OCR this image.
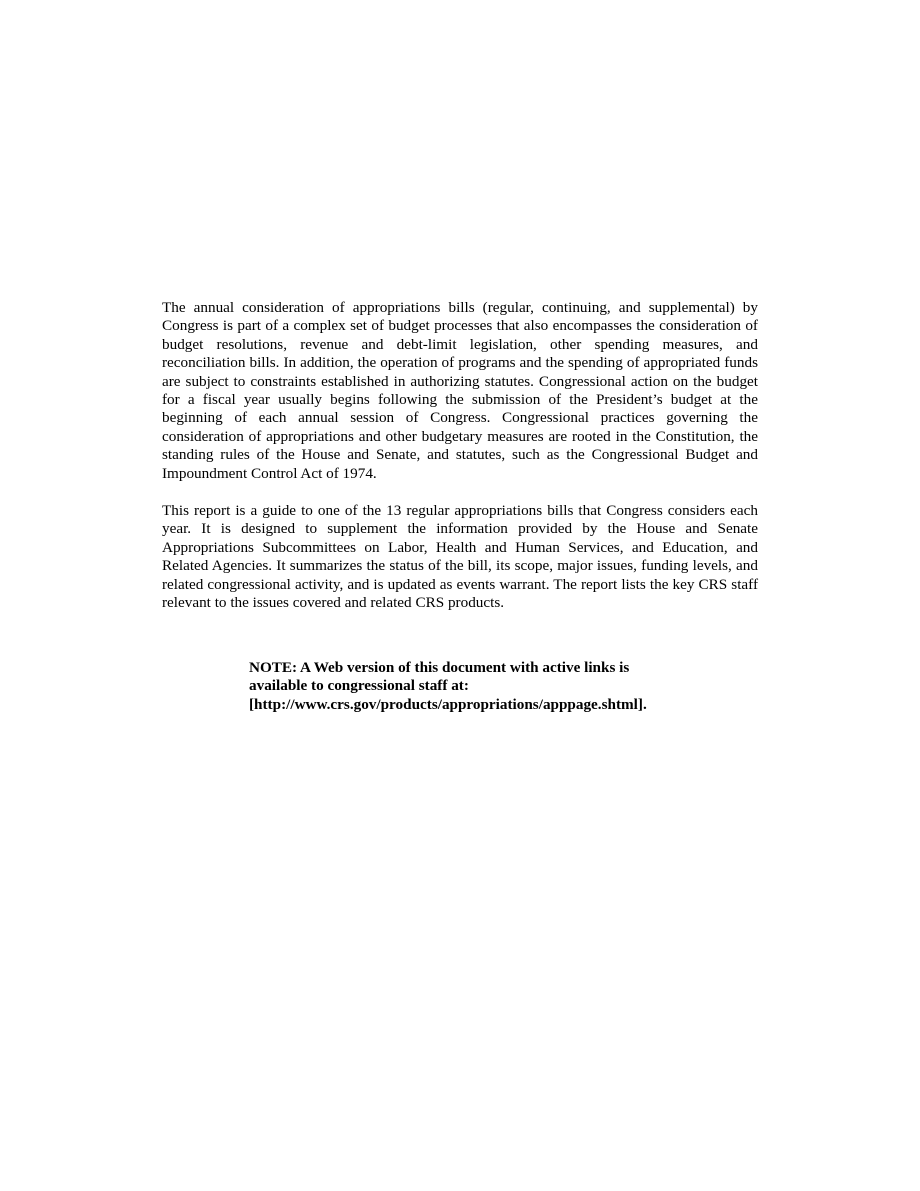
The annual consideration of appropriations bills (regular, continuing, and supplemental) by Congress is part of a complex set of budget processes that also encompasses the consideration of budget resolutions, revenue and debt-limit legislation, other spending measures, and reconciliation bills. In addition, the operation of programs and the spending of appropriated funds are subject to constraints established in authorizing statutes. Congressional action on the budget for a fiscal year usually begins following the submission of the President’s budget at the beginning of each annual session of Congress. Congressional practices governing the consideration of appropriations and other budgetary measures are rooted in the Constitution, the standing rules of the House and Senate, and statutes, such as the Congressional Budget and Impoundment Control Act of 1974.

This report is a guide to one of the 13 regular appropriations bills that Congress considers each year. It is designed to supplement the information provided by the House and Senate Appropriations Subcommittees on Labor, Health and Human Services, and Education, and Related Agencies. It summarizes the status of the bill, its scope, major issues, funding levels, and related congressional activity, and is updated as events warrant. The report lists the key CRS staff relevant to the issues covered and related CRS products.

NOTE: A Web version of this document with active links is
available to congressional staff at:
[http://www.crs.gov/products/appropriations/apppage.shtml].
